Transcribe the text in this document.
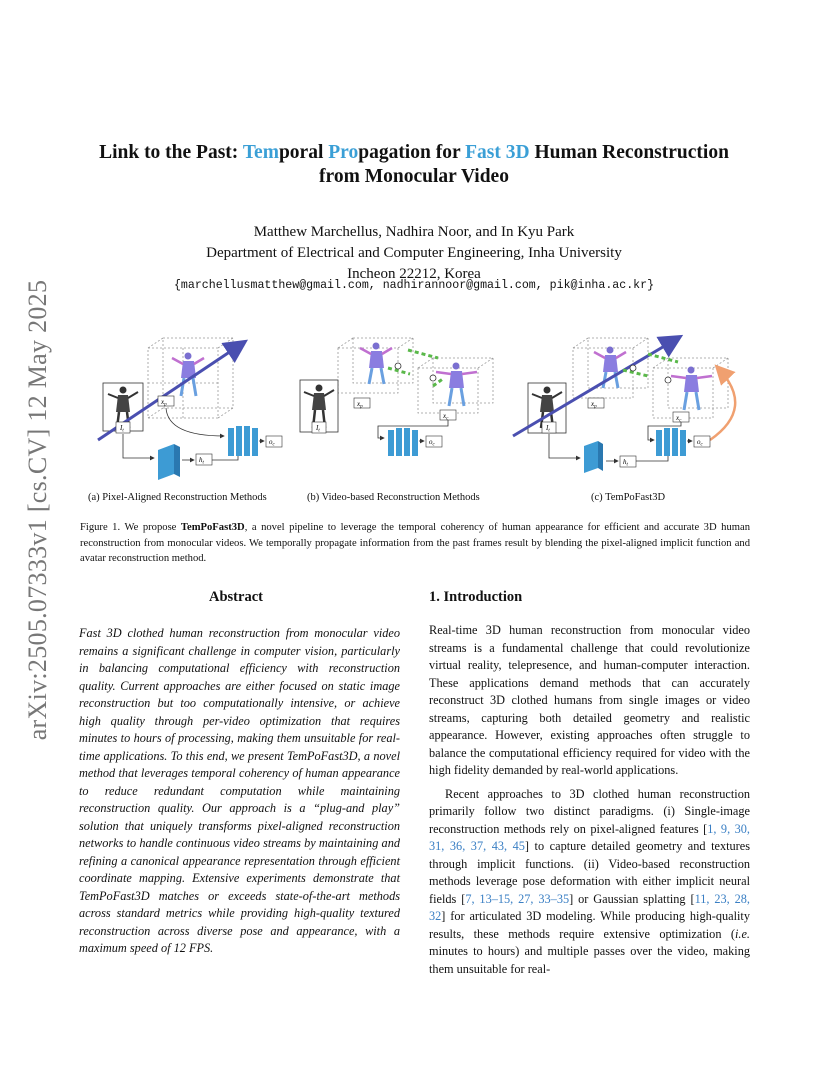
arXiv:2505.07333v1 [cs.CV] 12 May 2025
Link to the Past: Temporal Propagation for Fast 3D Human Reconstruction
from Monocular Video
Matthew Marchellus, Nadhira Noor, and In Kyu Park
Department of Electrical and Computer Engineering, Inha University
Incheon 22212, Korea
{marchellusmatthew@gmail.com, nadhirannoor@gmail.com, pik@inha.ac.kr}
$x_p$
$I_t$
$h_t$
$o_c$
$x_p$
$x_c$
$I_t$
$o_c$
$x_p$
$x_c$
$I_t$
$h_t$
$o_c$
(a) Pixel-Aligned Reconstruction Methods	(b) Video-based Reconstruction Methods	(c) TemPoFast3D
Figure 1. We propose TemPoFast3D, a novel pipeline to leverage the temporal coherency of human appearance for efficient and accurate 3D human reconstruction from monocular videos. We temporally propagate information from the past frames result by blending the pixel-aligned implicit function and avatar reconstruction method.
Abstract
Fast 3D clothed human reconstruction from monocular video remains a significant challenge in computer vision, particularly in balancing computational efficiency with reconstruction quality. Current approaches are either focused on static image reconstruction but too computationally intensive, or achieve high quality through per-video optimization that requires minutes to hours of processing, making them unsuitable for real-time applications. To this end, we present TemPoFast3D, a novel method that leverages temporal coherency of human appearance to reduce redundant computation while maintaining reconstruction quality. Our approach is a “plug-and play” solution that uniquely transforms pixel-aligned reconstruction networks to handle continuous video streams by maintaining and refining a canonical appearance representation through efficient coordinate mapping. Extensive experiments demonstrate that TemPoFast3D matches or exceeds state-of-the-art methods across standard metrics while providing high-quality textured reconstruction across diverse pose and appearance, with a maximum speed of 12 FPS.
1. Introduction

Real-time 3D human reconstruction from monocular video streams is a fundamental challenge that could revolutionize virtual reality, telepresence, and human-computer interaction. These applications demand methods that can accurately reconstruct 3D clothed humans from single images or video streams, capturing both detailed geometry and realistic appearance. However, existing approaches often struggle to balance the computational efficiency required for video with the high fidelity demanded by real-world applications.

Recent approaches to 3D clothed human reconstruction primarily follow two distinct paradigms. (i) Single-image reconstruction methods rely on pixel-aligned features [1, 9, 30, 31, 36, 37, 43, 45] to capture detailed geometry and textures through implicit functions. (ii) Video-based reconstruction methods leverage pose deformation with either implicit neural fields [7, 13–15, 27, 33–35] or Gaussian splatting [11, 23, 28, 32] for articulated 3D modeling. While producing high-quality results, these methods require extensive optimization (i.e. minutes to hours) and multiple passes over the video, making them unsuitable for real-
